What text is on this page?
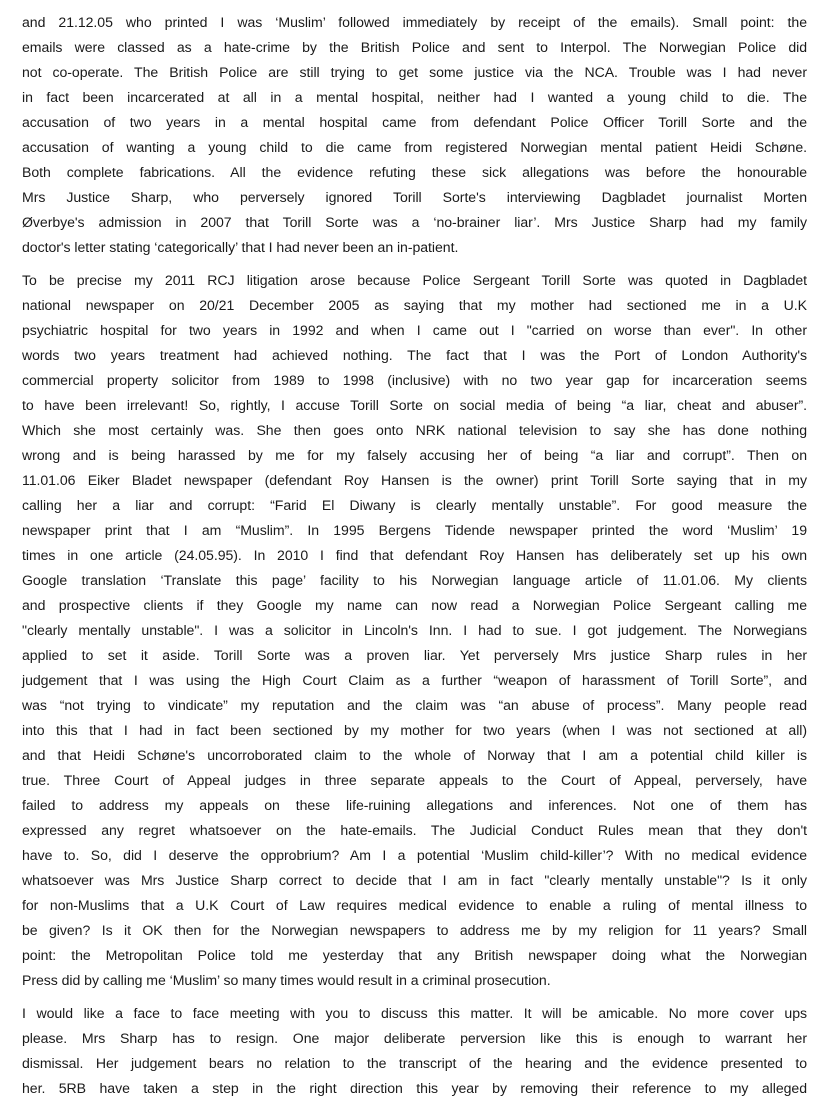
and 21.12.05 who printed I was ‘Muslim’ followed immediately by receipt of the emails). Small point: the
emails were classed as a hate-crime by the British Police and sent to Interpol. The Norwegian Police did
not co-operate. The British Police are still trying to get some justice via the NCA. Trouble was I had never
in fact been incarcerated at all in a mental hospital, neither had I wanted a young child to die. The
accusation of two years in a mental hospital came from defendant Police Officer Torill Sorte and the
accusation of wanting a young child to die came from registered Norwegian mental patient Heidi Schøne.
Both complete fabrications. All the evidence refuting these sick allegations was before the honourable
Mrs Justice Sharp, who perversely ignored Torill Sorte's interviewing Dagbladet journalist Morten
Øverbye's admission in 2007 that Torill Sorte was a ‘no-brainer liar’. Mrs Justice Sharp had my family
doctor's letter stating ‘categorically’ that I had never been an in-patient.
To be precise my 2011 RCJ litigation arose because Police Sergeant Torill Sorte was quoted in Dagbladet
national newspaper on 20/21 December 2005 as saying that my mother had sectioned me in a U.K
psychiatric hospital for two years in 1992 and when I came out I "carried on worse than ever". In other
words two years treatment had achieved nothing. The fact that I was the Port of London Authority's
commercial property solicitor from 1989 to 1998 (inclusive) with no two year gap for incarceration seems
to have been irrelevant! So, rightly, I accuse Torill Sorte on social media of being “a liar, cheat and abuser”.
Which she most certainly was. She then goes onto NRK national television to say she has done nothing
wrong and is being harassed by me for my falsely accusing her of being “a liar and corrupt”. Then on
11.01.06 Eiker Bladet newspaper (defendant Roy Hansen is the owner) print Torill Sorte saying that in my
calling her a liar and corrupt: “Farid El Diwany is clearly mentally unstable”. For good measure the
newspaper print that I am “Muslim”. In 1995 Bergens Tidende newspaper printed the word ‘Muslim’ 19
times in one article (24.05.95). In 2010 I find that defendant Roy Hansen has deliberately set up his own
Google translation ‘Translate this page’ facility to his Norwegian language article of 11.01.06. My clients
and prospective clients if they Google my name can now read a Norwegian Police Sergeant calling me
"clearly mentally unstable". I was a solicitor in Lincoln's Inn. I had to sue. I got judgement. The Norwegians
applied to set it aside. Torill Sorte was a proven liar. Yet perversely Mrs justice Sharp rules in her
judgement that I was using the High Court Claim as a further “weapon of harassment of Torill Sorte”, and
was “not trying to vindicate” my reputation and the claim was “an abuse of process”. Many people read
into this that I had in fact been sectioned by my mother for two years (when I was not sectioned at all)
and that Heidi Schøne's uncorroborated claim to the whole of Norway that I am a potential child killer is
true. Three Court of Appeal judges in three separate appeals to the Court of Appeal, perversely, have
failed to address my appeals on these life-ruining allegations and inferences. Not one of them has
expressed any regret whatsoever on the hate-emails. The Judicial Conduct Rules mean that they don't
have to. So, did I deserve the opprobrium? Am I a potential ‘Muslim child-killer’? With no medical evidence
whatsoever was Mrs Justice Sharp correct to decide that I am in fact "clearly mentally unstable"? Is it only
for non-Muslims that a U.K Court of Law requires medical evidence to enable a ruling of mental illness to
be given? Is it OK then for the Norwegian newspapers to address me by my religion for 11 years? Small
point: the Metropolitan Police told me yesterday that any British newspaper doing what the Norwegian
Press did by calling me ‘Muslim’ so many times would result in a criminal prosecution.
I would like a face to face meeting with you to discuss this matter. It will be amicable. No more cover ups
please. Mrs Sharp has to resign. One major deliberate perversion like this is enough to warrant her
dismissal. Her judgement bears no relation to the transcript of the hearing and the evidence presented to
her. 5RB have taken a step in the right direction this year by removing their reference to my alleged
